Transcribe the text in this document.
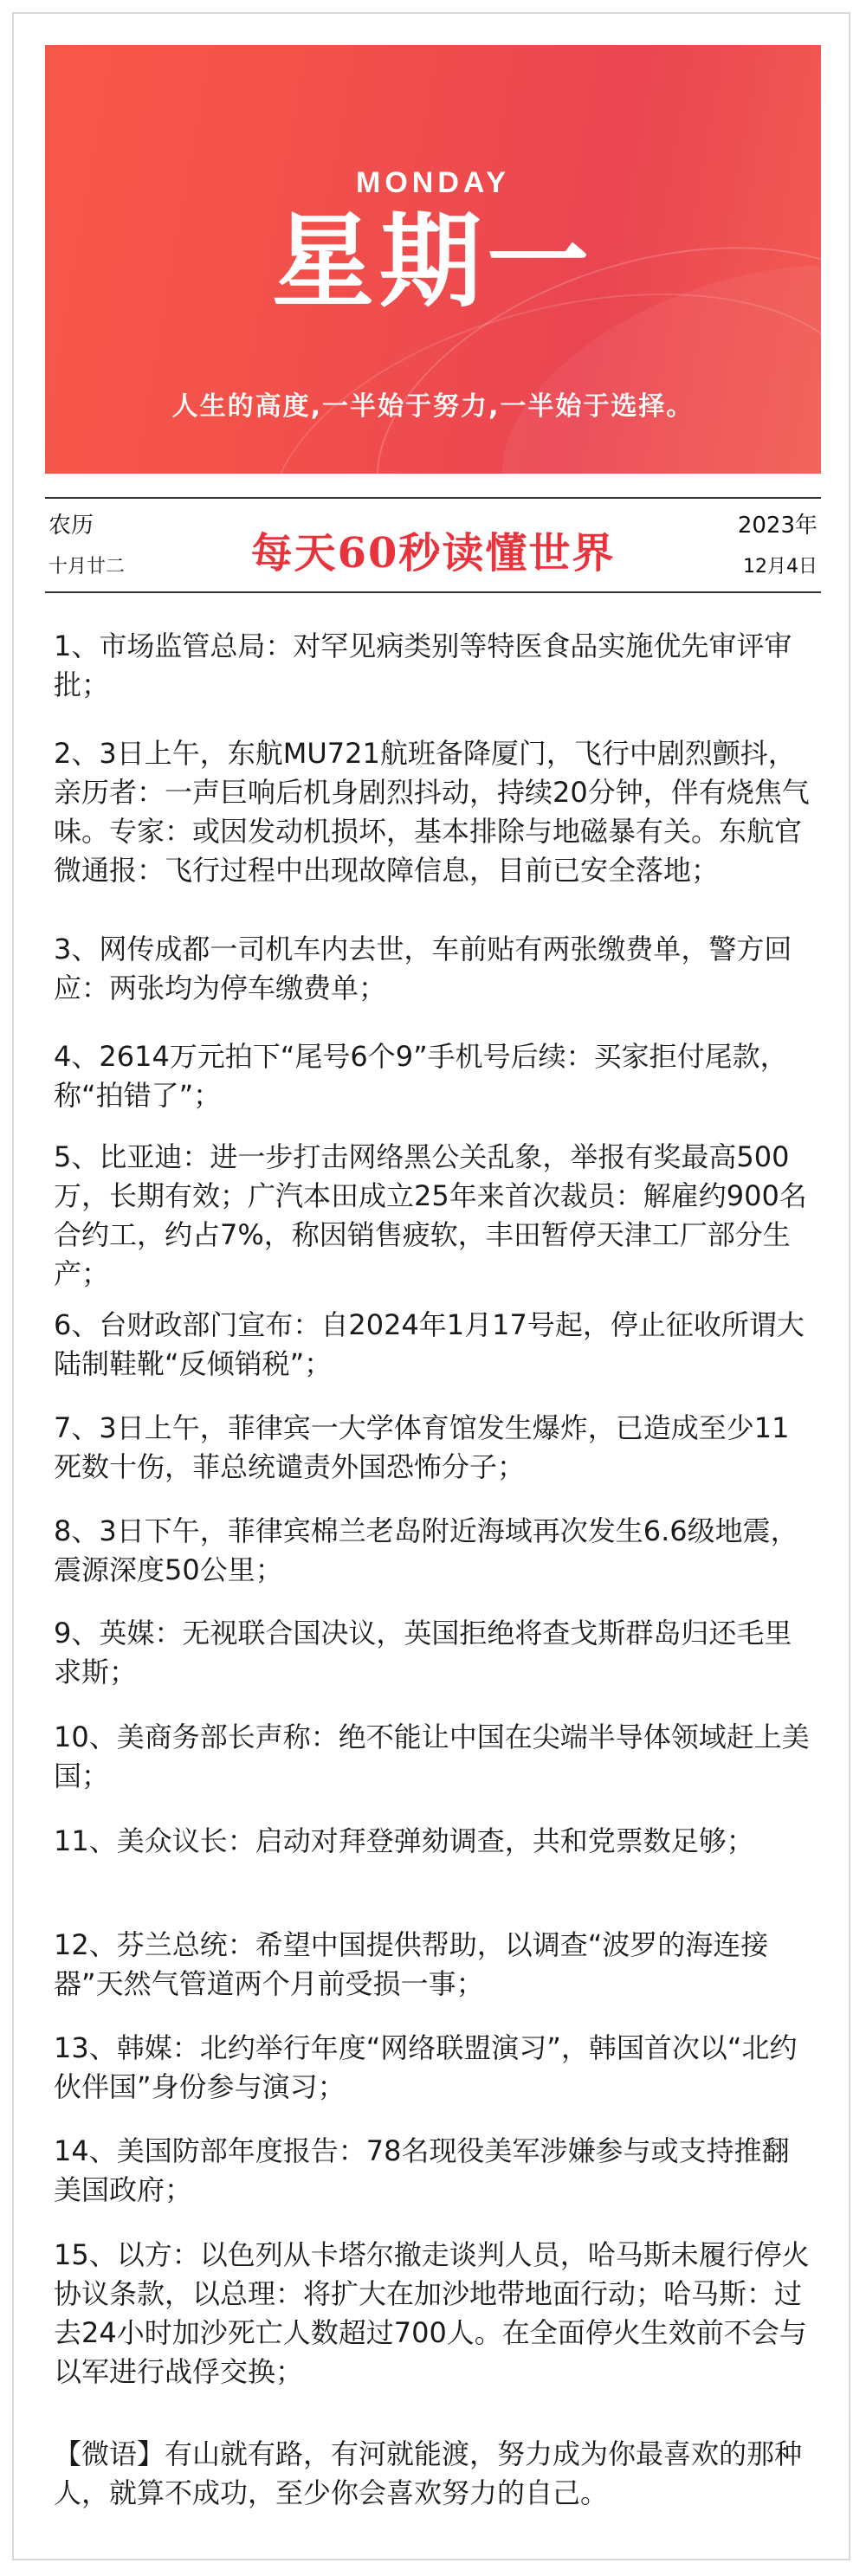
MONDAY
星期一
人生的高度,一半始于努力,一半始于选择。
农历
十月廿二	每天60秒读懂世界
2023年
12月4日
1、市场监管总局：对罕见病类别等特医食品实施优先审评审批；
2、3日上午，东航MU721航班备降厦门，飞行中剧烈颤抖，亲历者：一声巨响后机身剧烈抖动，持续20分钟，伴有烧焦气味。专家：或因发动机损坏，基本排除与地磁暴有关。东航官微通报：飞行过程中出现故障信息，目前已安全落地；
3、网传成都一司机车内去世，车前贴有两张缴费单，警方回应：两张均为停车缴费单；
4、2614万元拍下“尾号6个9”手机号后续：买家拒付尾款，称“拍错了”；
5、比亚迪：进一步打击网络黑公关乱象，举报有奖最高500万，长期有效；广汽本田成立25年来首次裁员：解雇约900名合约工，约占7%，称因销售疲软，丰田暂停天津工厂部分生产；
6、台财政部门宣布：自2024年1月17号起，停止征收所谓大陆制鞋靴“反倾销税”；
7、3日上午，菲律宾一大学体育馆发生爆炸，已造成至少11死数十伤，菲总统谴责外国恐怖分子；
8、3日下午，菲律宾棉兰老岛附近海域再次发生6.6级地震，震源深度50公里；
9、英媒：无视联合国决议，英国拒绝将查戈斯群岛归还毛里求斯；
10、美商务部长声称：绝不能让中国在尖端半导体领域赶上美国；
11、美众议长：启动对拜登弹劾调查，共和党票数足够；
12、芬兰总统：希望中国提供帮助，以调查“波罗的海连接器”天然气管道两个月前受损一事；
13、韩媒：北约举行年度“网络联盟演习”，韩国首次以“北约伙伴国”身份参与演习；
14、美国防部年度报告：78名现役美军涉嫌参与或支持推翻美国政府；
15、以方：以色列从卡塔尔撤走谈判人员，哈马斯未履行停火协议条款，以总理：将扩大在加沙地带地面行动；哈马斯：过去24小时加沙死亡人数超过700人。在全面停火生效前不会与以军进行战俘交换；
【微语】有山就有路，有河就能渡，努力成为你最喜欢的那种人，就算不成功，至少你会喜欢努力的自己。
